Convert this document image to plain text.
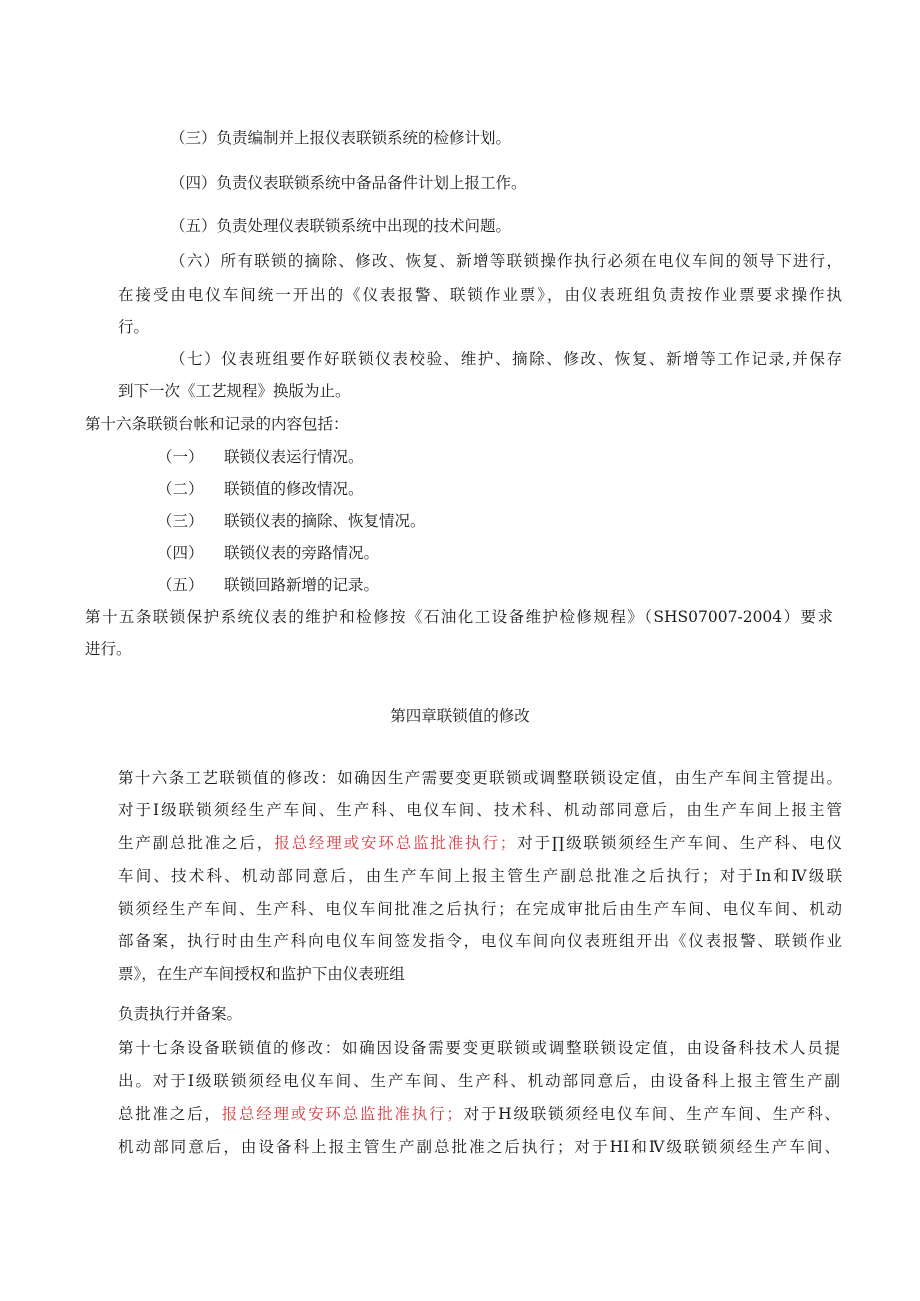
（三）负责编制并上报仪表联锁系统的检修计划。
（四）负责仪表联锁系统中备品备件计划上报工作。
（五）负责处理仪表联锁系统中出现的技术问题。
（六）所有联锁的摘除、修改、恢复、新增等联锁操作执行必须在电仪车间的领导下进行，
在接受由电仪车间统一开出的《仪表报警、联锁作业票》，由仪表班组负责按作业票要求操作执
行。
（七）仪表班组要作好联锁仪表校验、维护、摘除、修改、恢复、新增等工作记录,并保存
到下一次《工艺规程》换版为止。
第十六条联锁台帐和记录的内容包括：
（一） 联锁仪表运行情况。
（二） 联锁值的修改情况。
（三） 联锁仪表的摘除、恢复情况。
（四） 联锁仪表的旁路情况。
（五） 联锁回路新增的记录。
第十五条联锁保护系统仪表的维护和检修按《石油化工设备维护检修规程》（SHS07007-2004）要求
进行。
第四章联锁值的修改
第十六条工艺联锁值的修改：如确因生产需要变更联锁或调整联锁设定值，由生产车间主管提出。
对于Ⅰ级联锁须经生产车间、生产科、电仪车间、技术科、机动部同意后，由生产车间上报主管
生产副总批准之后，报总经理或安环总监批准执行；对于∏级联锁须经生产车间、生产科、电仪
车间、技术科、机动部同意后，由生产车间上报主管生产副总批准之后执行；对于In和Ⅳ级联
锁须经生产车间、生产科、电仪车间批准之后执行；在完成审批后由生产车间、电仪车间、机动
部备案，执行时由生产科向电仪车间签发指令，电仪车间向仪表班组开出《仪表报警、联锁作业
票》，在生产车间授权和监护下由仪表班组
负责执行并备案。
第十七条设备联锁值的修改：如确因设备需要变更联锁或调整联锁设定值，由设备科技术人员提
出。对于Ⅰ级联锁须经电仪车间、生产车间、生产科、机动部同意后，由设备科上报主管生产副
总批准之后，报总经理或安环总监批准执行；对于H级联锁须经电仪车间、生产车间、生产科、
机动部同意后，由设备科上报主管生产副总批准之后执行；对于HI和Ⅳ级联锁须经生产车间、
